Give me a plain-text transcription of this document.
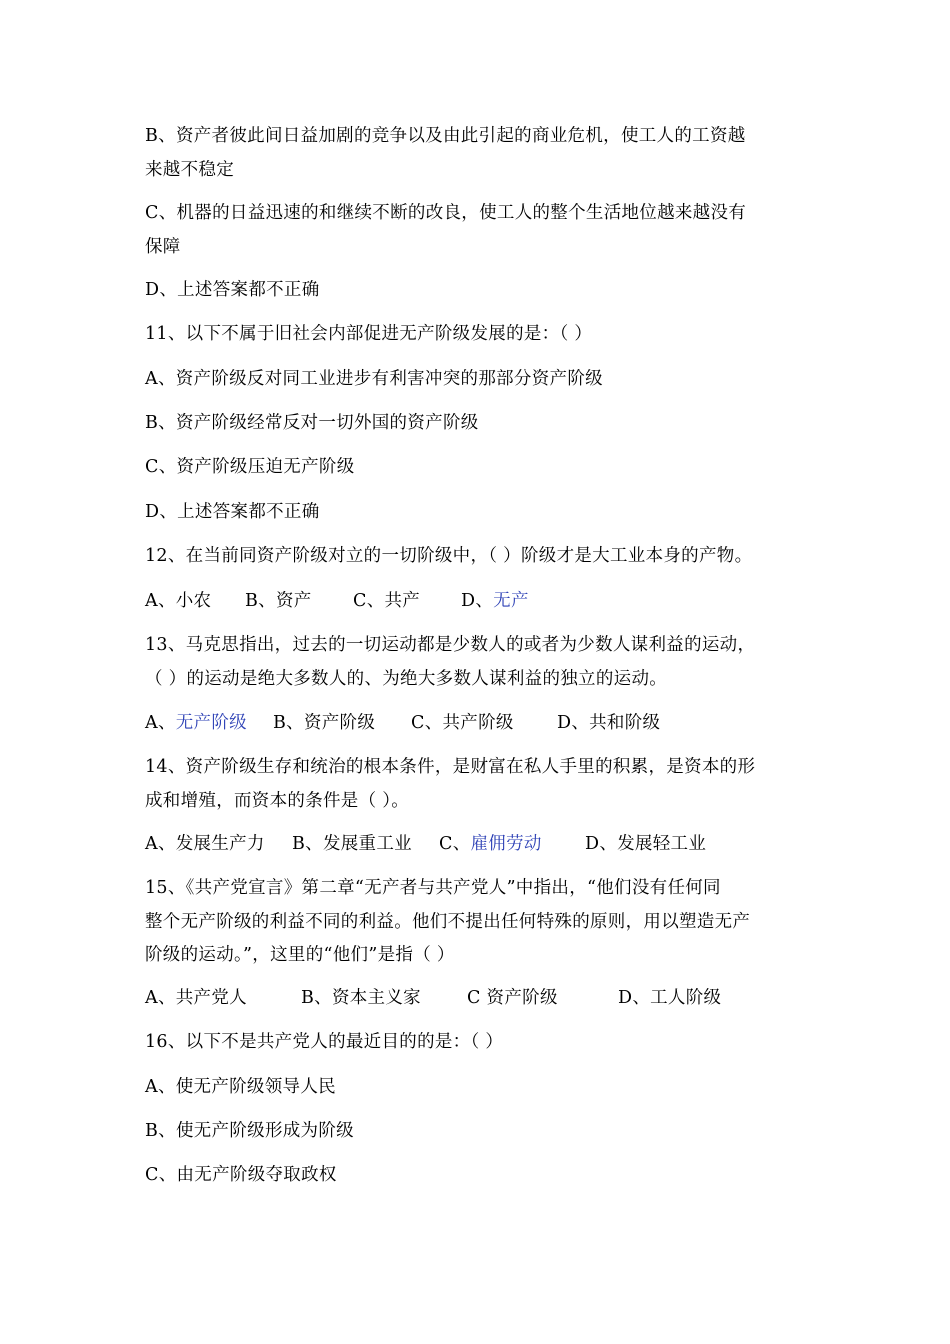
B、资产者彼此间日益加剧的竞争以及由此引起的商业危机，使工人的工资越
来越不稳定
C、机器的日益迅速的和继续不断的改良，使工人的整个生活地位越来越没有
保障
D、上述答案都不正确
11、以下不属于旧社会内部促进无产阶级发展的是：（ ）
A、资产阶级反对同工业进步有利害冲突的那部分资产阶级
B、资产阶级经常反对一切外国的资产阶级
C、资产阶级压迫无产阶级
D、上述答案都不正确
12、在当前同资产阶级对立的一切阶级中，（ ）阶级才是大工业本身的产物。
A、小农 B、资产 C、共产 D、无产
13、马克思指出，过去的一切运动都是少数人的或者为少数人谋利益的运动，
（ ）的运动是绝大多数人的、为绝大多数人谋利益的独立的运动。
A、无产阶级 B、资产阶级 C、共产阶级 D、共和阶级
14、资产阶级生存和统治的根本条件，是财富在私人手里的积累，是资本的形
成和增殖，而资本的条件是（ ）。
A、发展生产力 B、发展重工业 C、雇佣劳动 D、发展轻工业
15、《共产党宣言》第二章“无产者与共产党人”中指出，“他们没有任何同
整个无产阶级的利益不同的利益。他们不提出任何特殊的原则，用以塑造无产
阶级的运动。”，这里的“他们”是指（ ）
A、共产党人	B、资本主义家	C 资产阶级	D、工人阶级
16、以下不是共产党人的最近目的的是：（ ）
A、使无产阶级领导人民
B、使无产阶级形成为阶级
C、由无产阶级夺取政权
